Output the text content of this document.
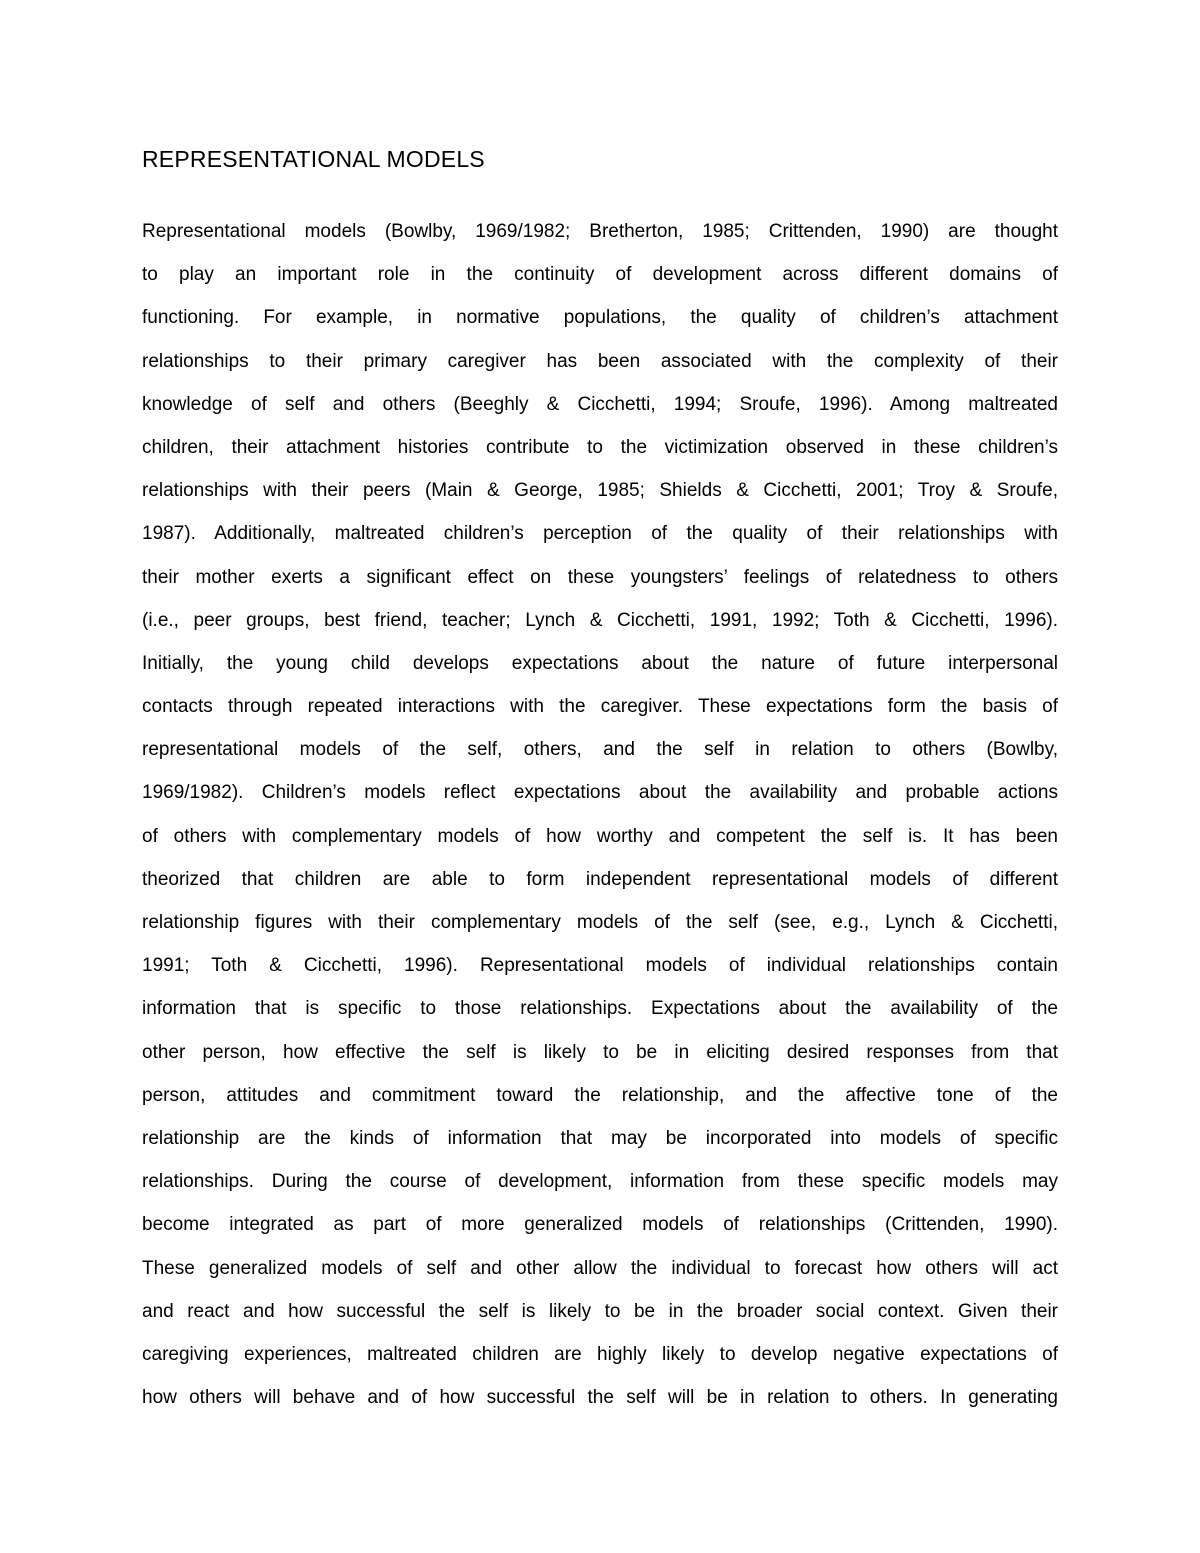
REPRESENTATIONAL MODELS
Representational models (Bowlby, 1969/1982; Bretherton, 1985; Crittenden, 1990) are thought
to play an important role in the continuity of development across different domains of
functioning. For example, in normative populations, the quality of children’s attachment
relationships to their primary caregiver has been associated with the complexity of their
knowledge of self and others (Beeghly & Cicchetti, 1994; Sroufe, 1996). Among maltreated
children, their attachment histories contribute to the victimization observed in these children’s
relationships with their peers (Main & George, 1985; Shields & Cicchetti, 2001; Troy & Sroufe,
1987). Additionally, maltreated children’s perception of the quality of their relationships with
their mother exerts a significant effect on these youngsters’ feelings of relatedness to others
(i.e., peer groups, best friend, teacher; Lynch & Cicchetti, 1991, 1992; Toth & Cicchetti, 1996).
Initially, the young child develops expectations about the nature of future interpersonal
contacts through repeated interactions with the caregiver. These expectations form the basis of
representational models of the self, others, and the self in relation to others (Bowlby,
1969/1982). Children’s models reflect expectations about the availability and probable actions
of others with complementary models of how worthy and competent the self is. It has been
theorized that children are able to form independent representational models of different
relationship figures with their complementary models of the self (see, e.g., Lynch & Cicchetti,
1991; Toth & Cicchetti, 1996). Representational models of individual relationships contain
information that is specific to those relationships. Expectations about the availability of the
other person, how effective the self is likely to be in eliciting desired responses from that
person, attitudes and commitment toward the relationship, and the affective tone of the
relationship are the kinds of information that may be incorporated into models of specific
relationships. During the course of development, information from these specific models may
become integrated as part of more generalized models of relationships (Crittenden, 1990).
These generalized models of self and other allow the individual to forecast how others will act
and react and how successful the self is likely to be in the broader social context. Given their
caregiving experiences, maltreated children are highly likely to develop negative expectations of
how others will behave and of how successful the self will be in relation to others. In generating
